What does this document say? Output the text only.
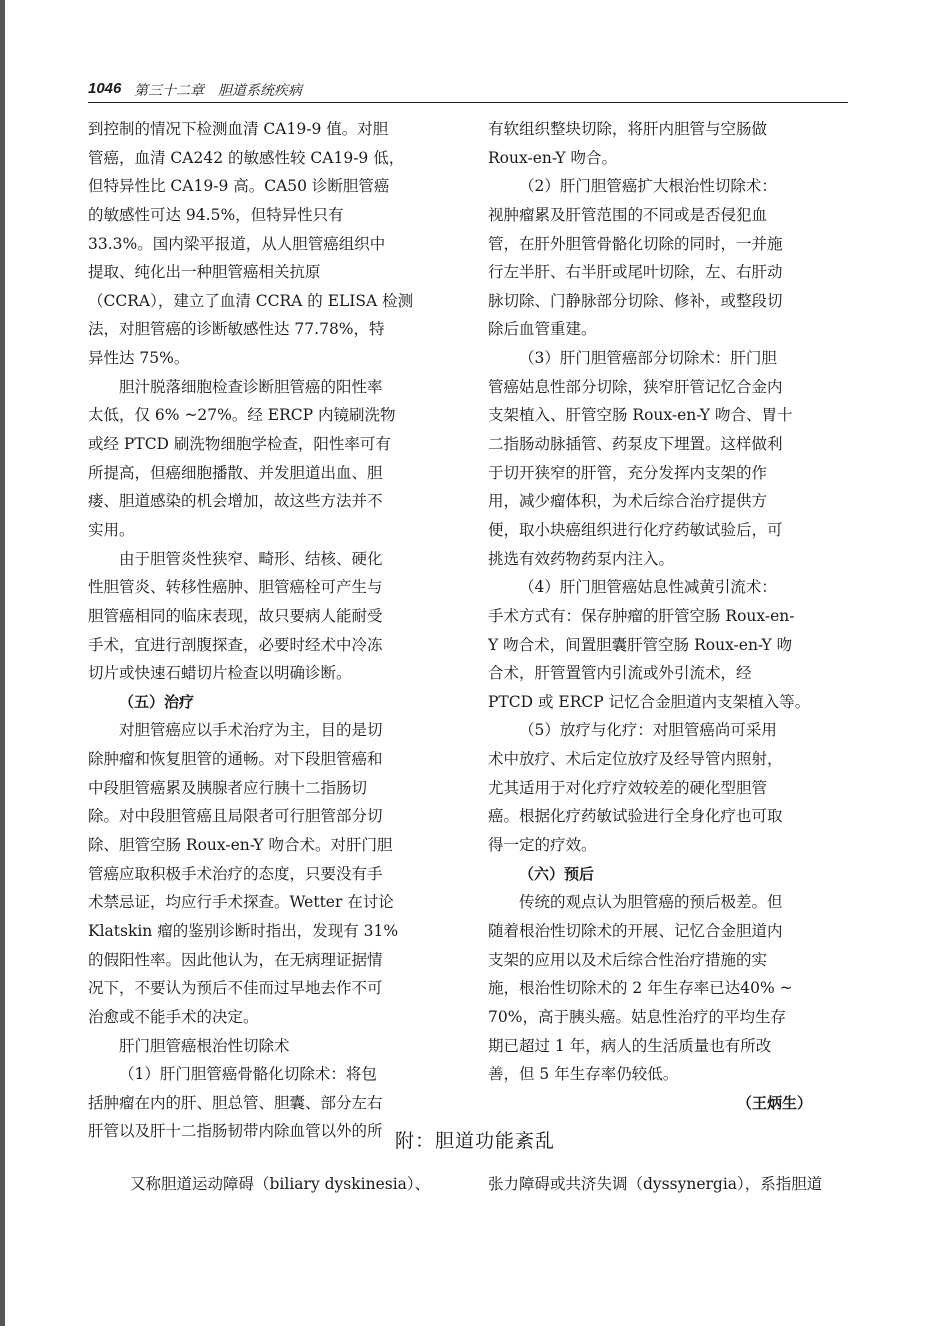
1046 第三十二章　胆道系统疾病
到控制的情况下检测血清 CA19-9 值。对胆
管癌，血清 CA242 的敏感性较 CA19-9 低，
但特异性比 CA19-9 高。CA50 诊断胆管癌
的敏感性可达 94.5%，但特异性只有
33.3%。国内梁平报道，从人胆管癌组织中
提取、纯化出一种胆管癌相关抗原
（CCRA），建立了血清 CCRA 的 ELISA 检测
法，对胆管癌的诊断敏感性达 77.78%，特
异性达 75%。
胆汁脱落细胞检查诊断胆管癌的阳性率
太低，仅 6% ~27%。经 ERCP 内镜刷洗物
或经 PTCD 刷洗物细胞学检查，阳性率可有
所提高，但癌细胞播散、并发胆道出血、胆
瘘、胆道感染的机会增加，故这些方法并不
实用。
由于胆管炎性狭窄、畸形、结核、硬化
性胆管炎、转移性癌肿、胆管癌栓可产生与
胆管癌相同的临床表现，故只要病人能耐受
手术，宜进行剖腹探查，必要时经术中冷冻
切片或快速石蜡切片检查以明确诊断。
（五）治疗
对胆管癌应以手术治疗为主，目的是切
除肿瘤和恢复胆管的通畅。对下段胆管癌和
中段胆管癌累及胰腺者应行胰十二指肠切
除。对中段胆管癌且局限者可行胆管部分切
除、胆管空肠 Roux-en-Y 吻合术。对肝门胆
管癌应取积极手术治疗的态度，只要没有手
术禁忌证，均应行手术探查。Wetter 在讨论
Klatskin 瘤的鉴别诊断时指出，发现有 31%
的假阳性率。因此他认为，在无病理证据情
况下，不要认为预后不佳而过早地去作不可
治愈或不能手术的决定。
肝门胆管癌根治性切除术
（1）肝门胆管癌骨骼化切除术：将包
括肿瘤在内的肝、胆总管、胆囊、部分左右
肝管以及肝十二指肠韧带内除血管以外的所
有软组织整块切除，将肝内胆管与空肠做
Roux-en-Y 吻合。
（2）肝门胆管癌扩大根治性切除术：
视肿瘤累及肝管范围的不同或是否侵犯血
管，在肝外胆管骨骼化切除的同时，一并施
行左半肝、右半肝或尾叶切除，左、右肝动
脉切除、门静脉部分切除、修补，或整段切
除后血管重建。
（3）肝门胆管癌部分切除术：肝门胆
管癌姑息性部分切除，狭窄肝管记忆合金内
支架植入、肝管空肠 Roux-en-Y 吻合、胃十
二指肠动脉插管、药泵皮下埋置。这样做利
于切开狭窄的肝管，充分发挥内支架的作
用，减少瘤体积，为术后综合治疗提供方
便，取小块癌组织进行化疗药敏试验后，可
挑选有效药物药泵内注入。
（4）肝门胆管癌姑息性减黄引流术：
手术方式有：保存肿瘤的肝管空肠 Roux-en-
Y 吻合术，间置胆囊肝管空肠 Roux-en-Y 吻
合术，肝管置管内引流或外引流术，经
PTCD 或 ERCP 记忆合金胆道内支架植入等。
（5）放疗与化疗：对胆管癌尚可采用
术中放疗、术后定位放疗及经导管内照射，
尤其适用于对化疗疗效较差的硬化型胆管
癌。根据化疗药敏试验进行全身化疗也可取
得一定的疗效。
（六）预后
传统的观点认为胆管癌的预后极差。但
随着根治性切除术的开展、记忆合金胆道内
支架的应用以及术后综合性治疗措施的实
施，根治性切除术的 2 年生存率已达40% ~
70%，高于胰头癌。姑息性治疗的平均生存
期已超过 1 年，病人的生活质量也有所改
善，但 5 年生存率仍较低。
（王炳生）
附：胆道功能紊乱
又称胆道运动障碍（biliary dyskinesia）、	张力障碍或共济失调（dyssynergia），系指胆道
